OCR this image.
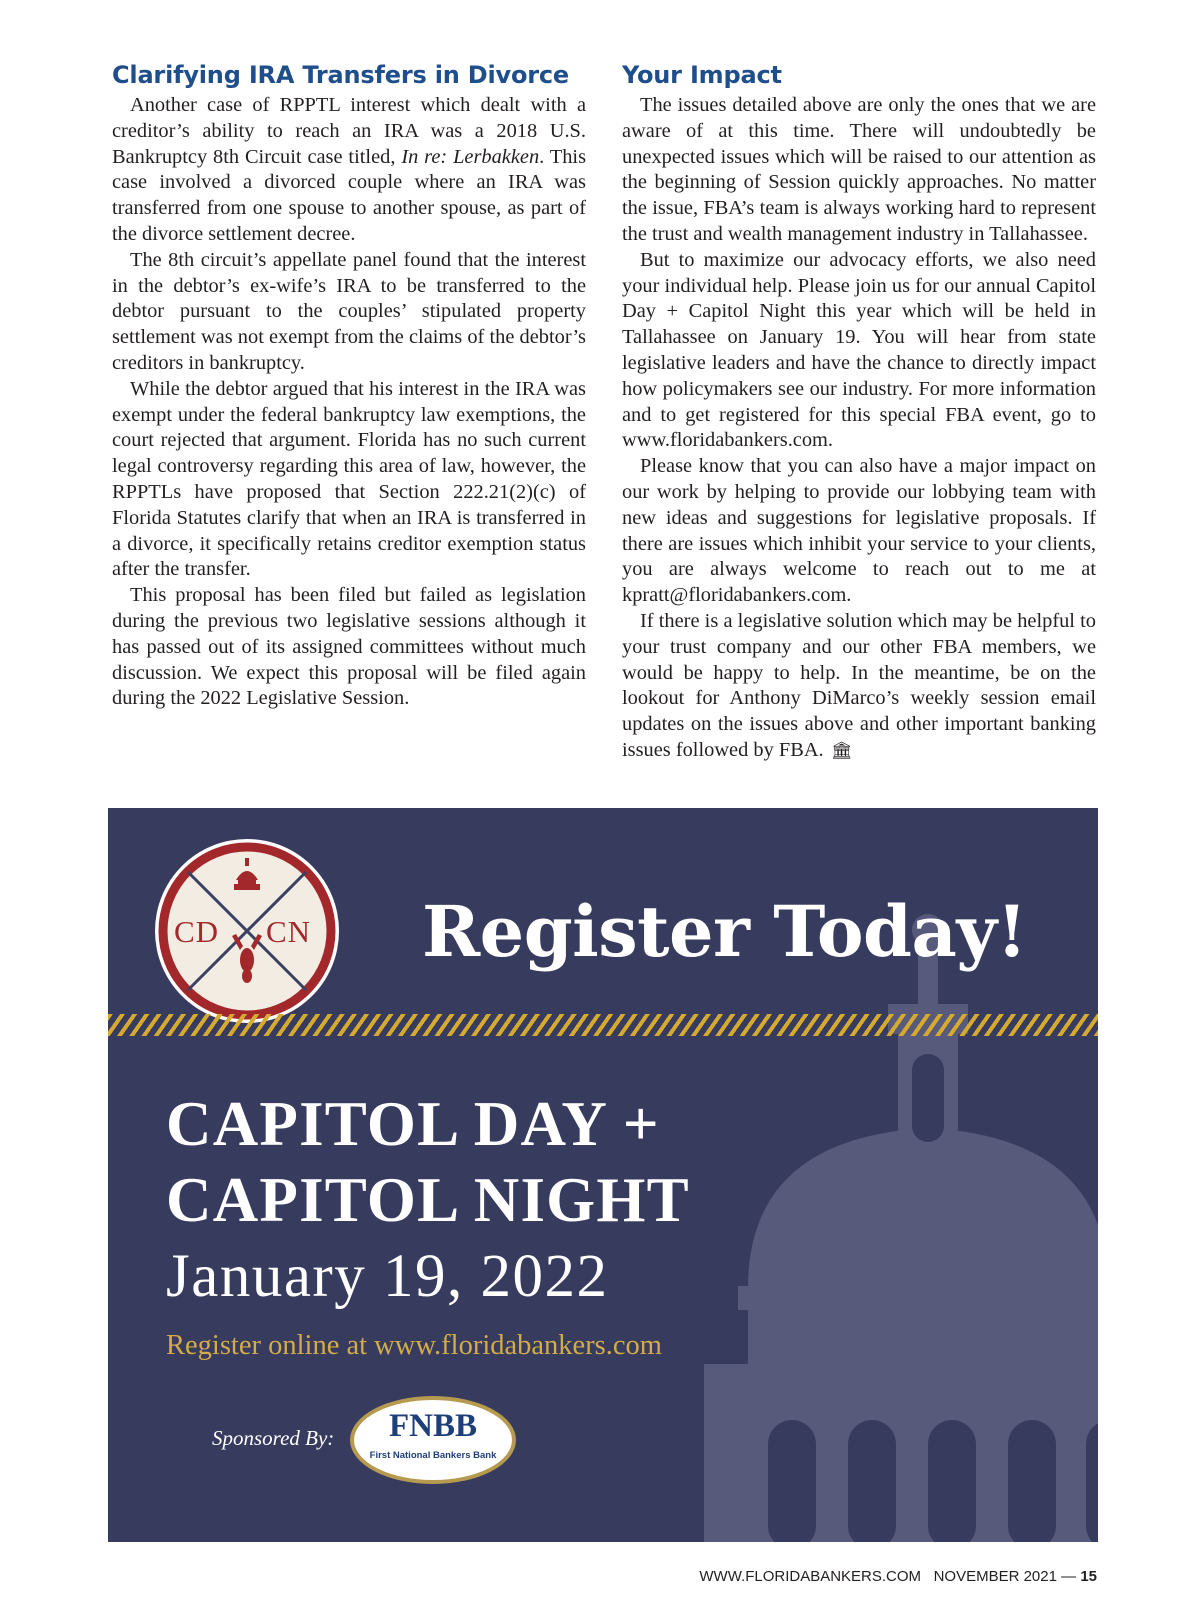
Clarifying IRA Transfers in Divorce

Another case of RPPTL interest which dealt with a creditor’s ability to reach an IRA was a 2018 U.S. Bankruptcy 8th Circuit case titled, In re: Lerbakken. This case involved a divorced couple where an IRA was transferred from one spouse to another spouse, as part of the divorce settlement decree.

The 8th circuit’s appellate panel found that the interest in the debtor’s ex-wife’s IRA to be transferred to the debtor pursuant to the couples’ stipulated property settlement was not exempt from the claims of the debtor’s creditors in bankruptcy.

While the debtor argued that his interest in the IRA was exempt under the federal bankruptcy law exemptions, the court rejected that argument. Florida has no such current legal controversy regarding this area of law, however, the RPPTLs have proposed that Section 222.21(2)(c) of Florida Statutes clarify that when an IRA is transferred in a divorce, it specifically retains creditor exemption status after the transfer.

This proposal has been filed but failed as legislation during the previous two legislative sessions although it has passed out of its assigned committees without much discussion. We expect this proposal will be filed again during the 2022 Legislative Session.

Your Impact

The issues detailed above are only the ones that we are aware of at this time. There will undoubtedly be unexpected issues which will be raised to our attention as the beginning of Session quickly approaches. No matter the issue, FBA’s team is always working hard to represent the trust and wealth management industry in Tallahassee.

But to maximize our advocacy efforts, we also need your individual help. Please join us for our annual Capitol Day + Capitol Night this year which will be held in Tallahassee on January 19. You will hear from state legislative leaders and have the chance to directly impact how policymakers see our industry. For more information and to get registered for this special FBA event, go to www.floridabankers.com.

Please know that you can also have a major impact on our work by helping to provide our lobbying team with new ideas and suggestions for legislative proposals. If there are issues which inhibit your service to your clients, you are always welcome to reach out to me at kpratt@floridabankers.com.

If there is a legislative solution which may be helpful to your trust company and our other FBA members, we would be happy to help. In the meantime, be on the lookout for Anthony DiMarco’s weekly session email updates on the issues above and other important banking issues followed by FBA. 🏛

CD CN Register Today!
CAPITOL DAY +
CAPITOL NIGHT
January 19, 2022
Register online at www.floridabankers.com
Sponsored By:	FNBB
First National Bankers Bank
WWW.FLORIDABANKERS.COM NOVEMBER 2021 — 15
